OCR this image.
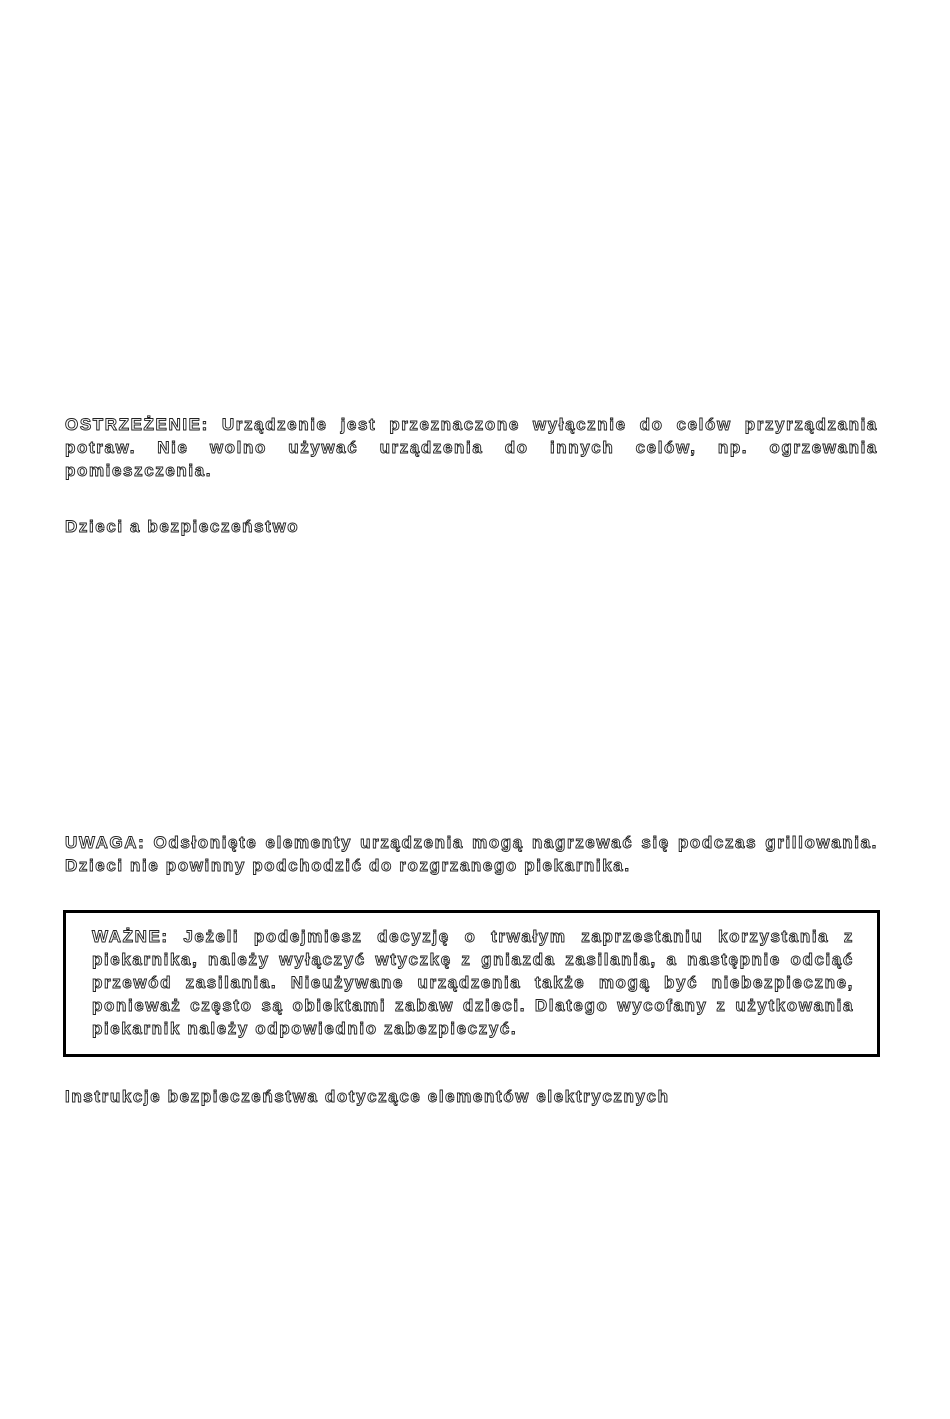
OSTRZEŻENIE: Urządzenie jest przeznaczone wyłącznie do celów przyrządzania potraw. Nie wolno używać urządzenia do innych celów, np. ogrzewania pomieszczenia.

Dzieci a bezpieczeństwo

UWAGA: Odsłonięte elementy urządzenia mogą nagrzewać się podczas grillowania. Dzieci nie powinny podchodzić do rozgrzanego piekarnika.

WAŻNE: Jeżeli podejmiesz decyzję o trwałym zaprzestaniu korzystania z piekarnika, należy wyłączyć wtyczkę z gniazda zasilania, a następnie odciąć przewód zasilania. Nieużywane urządzenia także mogą być niebezpieczne, ponieważ często są obiektami zabaw dzieci. Dlatego wycofany z użytkowania piekarnik należy odpowiednio zabezpieczyć.

Instrukcje bezpieczeństwa dotyczące elementów elektrycznych
